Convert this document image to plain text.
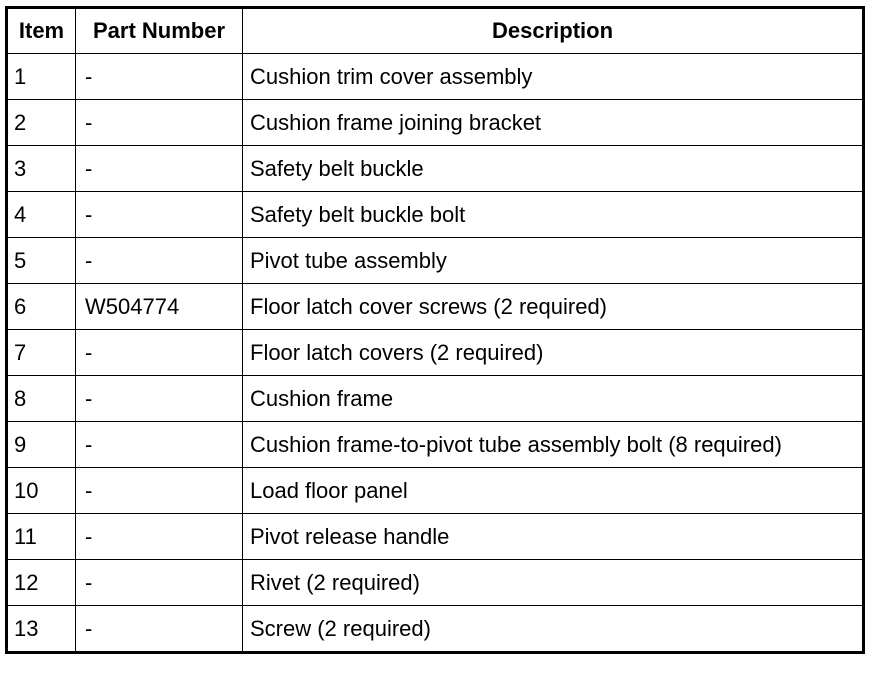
Item	Part Number	Description
1	-	Cushion trim cover assembly
2	-	Cushion frame joining bracket
3	-	Safety belt buckle
4	-	Safety belt buckle bolt
5	-	Pivot tube assembly
6	W504774	Floor latch cover screws (2 required)
7	-	Floor latch covers (2 required)
8	-	Cushion frame
9	-	Cushion frame-to-pivot tube assembly bolt (8 required)
10	-	Load floor panel
11	-	Pivot release handle
12	-	Rivet (2 required)
13	-	Screw (2 required)
